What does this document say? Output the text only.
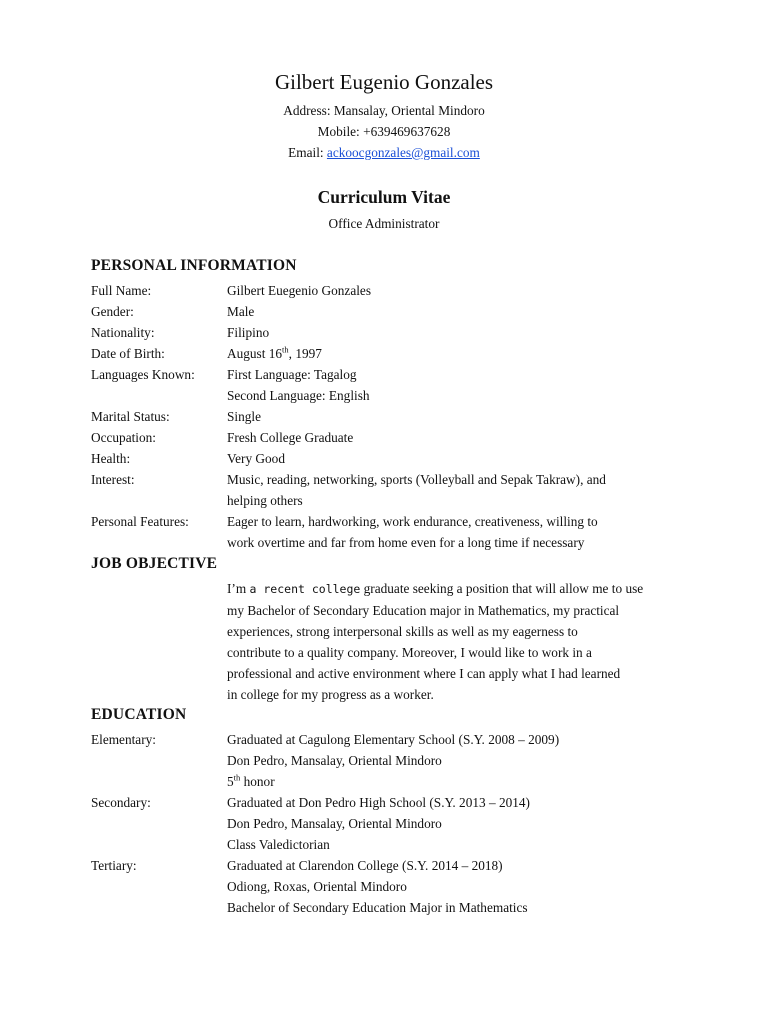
Gilbert Eugenio Gonzales
Address: Mansalay, Oriental Mindoro
Mobile: +639469637628
Email: ackoocgonzales@gmail.com
Curriculum Vitae
Office Administrator
PERSONAL INFORMATION
Full Name:	Gilbert Euegenio Gonzales
Gender:	Male
Nationality:	Filipino
Date of Birth:	August 16th, 1997
Languages Known: First Language: Tagalog
Second Language: English
Marital Status:	Single
Occupation:	Fresh College Graduate
Health:	Very Good
Interest:	Music, reading, networking, sports (Volleyball and Sepak Takraw), and
helping others
Personal Features:	Eager to learn, hardworking, work endurance, creativeness, willing to
work overtime and far from home even for a long time if necessary
JOB OBJECTIVE
I’m a recent college graduate seeking a position that will allow me to use
my Bachelor of Secondary Education major in Mathematics, my practical
experiences, strong interpersonal skills as well as my eagerness to
contribute to a quality company. Moreover, I would like to work in a
professional and active environment where I can apply what I had learned
in college for my progress as a worker.
EDUCATION
Elementary:	Graduated at Cagulong Elementary School (S.Y. 2008 – 2009)
Don Pedro, Mansalay, Oriental Mindoro
5th honor
Secondary:	Graduated at Don Pedro High School (S.Y. 2013 – 2014)
Don Pedro, Mansalay, Oriental Mindoro
Class Valedictorian
Tertiary:	Graduated at Clarendon College (S.Y. 2014 – 2018)
Odiong, Roxas, Oriental Mindoro
Bachelor of Secondary Education Major in Mathematics
